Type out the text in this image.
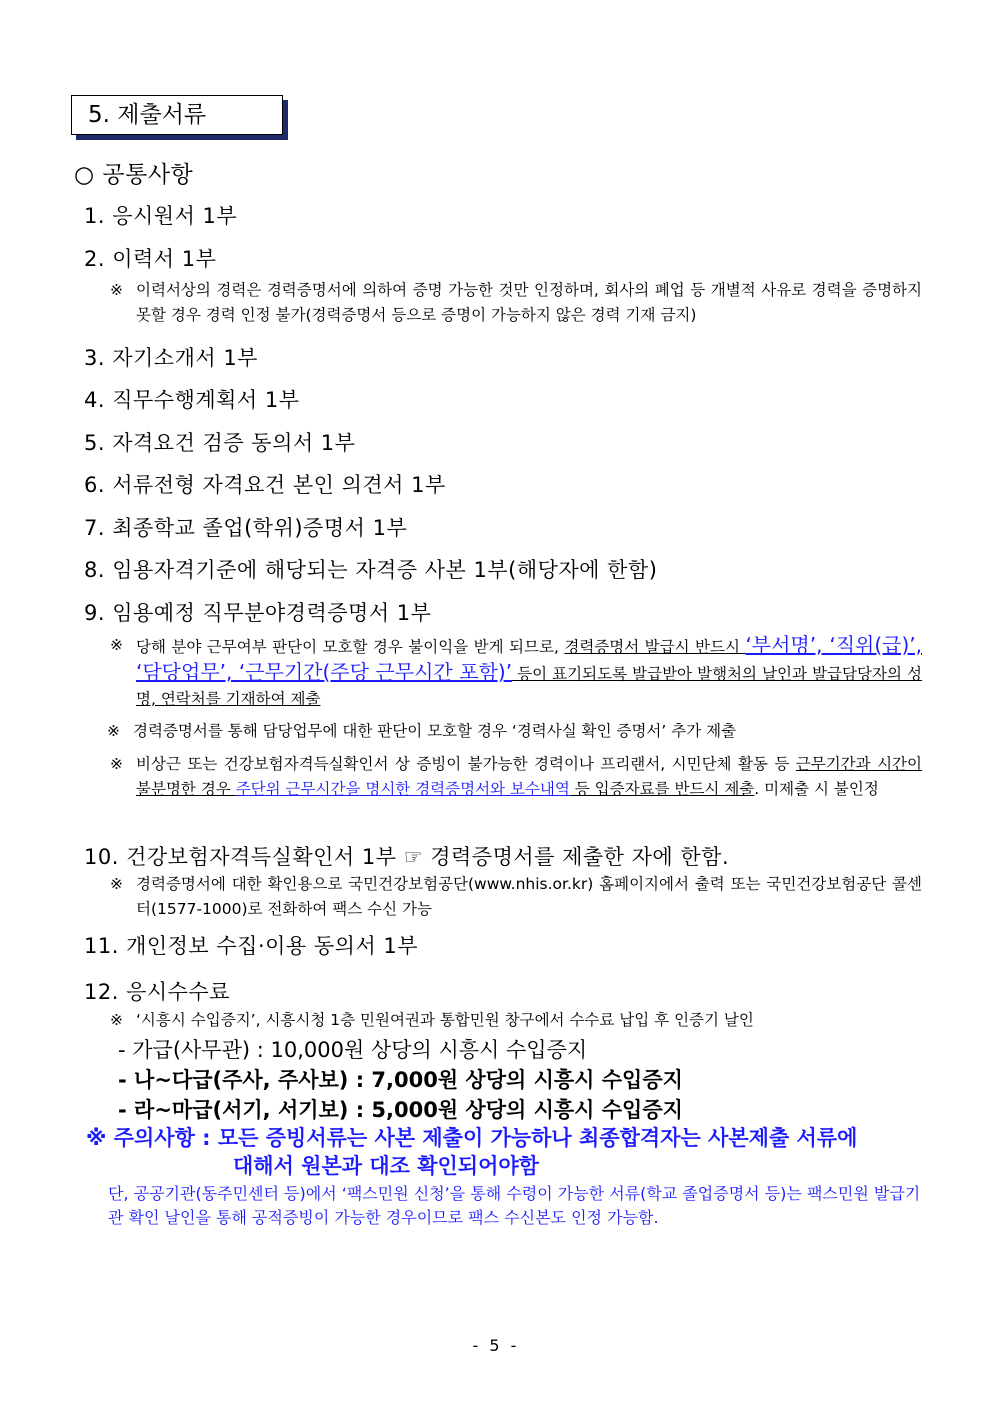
5. 제출서류
○ 공통사항
1. 응시원서 1부
2. 이력서 1부
※ 이력서상의 경력은 경력증명서에 의하여 증명 가능한 것만 인정하며, 회사의 폐업 등 개별적 사유로 경력을 증명하지 못할 경우 경력 인정 불가(경력증명서 등으로 증명이 가능하지 않은 경력 기재 금지)
3. 자기소개서 1부
4. 직무수행계획서 1부
5. 자격요건 검증 동의서 1부
6. 서류전형 자격요건 본인 의견서 1부
7. 최종학교 졸업(학위)증명서 1부
8. 임용자격기준에 해당되는 자격증 사본 1부(해당자에 한함)
9. 임용예정 직무분야경력증명서 1부
※ 당해 분야 근무여부 판단이 모호할 경우 불이익을 받게 되므로, 경력증명서 발급시 반드시 ‘부서명’, ‘직위(급)’, ‘담당업무’, ‘근무기간(주당 근무시간 포함)’ 등이 표기되도록 발급받아 발행처의 날인과 발급담당자의 성명, 연락처를 기재하여 제출
※ 경력증명서를 통해 담당업무에 대한 판단이 모호할 경우 ‘경력사실 확인 증명서’ 추가 제출
※ 비상근 또는 건강보험자격득실확인서 상 증빙이 불가능한 경력이나 프리랜서, 시민단체 활동 등 근무기간과 시간이 불분명한 경우 주단위 근무시간을 명시한 경력증명서와 보수내역 등 입증자료를 반드시 제출. 미제출 시 불인정
10. 건강보험자격득실확인서 1부 ☞ 경력증명서를 제출한 자에 한함.
※ 경력증명서에 대한 확인용으로 국민건강보험공단(www.nhis.or.kr) 홈페이지에서 출력 또는 국민건강보험공단 콜센터(1577-1000)로 전화하여 팩스 수신 가능
11. 개인정보 수집·이용 동의서 1부
12. 응시수수료
※ ‘시흥시 수입증지’, 시흥시청 1층 민원여권과 통합민원 창구에서 수수료 납입 후 인증기 날인
- 가급(사무관) : 10,000원 상당의 시흥시 수입증지
- 나~다급(주사, 주사보) : 7,000원 상당의 시흥시 수입증지
- 라~마급(서기, 서기보) : 5,000원 상당의 시흥시 수입증지
※ 주의사항 : 모든 증빙서류는 사본 제출이 가능하나 최종합격자는 사본제출 서류에
대해서 원본과 대조 확인되어야함
단, 공공기관(동주민센터 등)에서 ‘팩스민원 신청’을 통해 수령이 가능한 서류(학교 졸업증명서 등)는 팩스민원 발급기관 확인 날인을 통해 공적증빙이 가능한 경우이므로 팩스 수신본도 인정 가능함.
- 5 -
